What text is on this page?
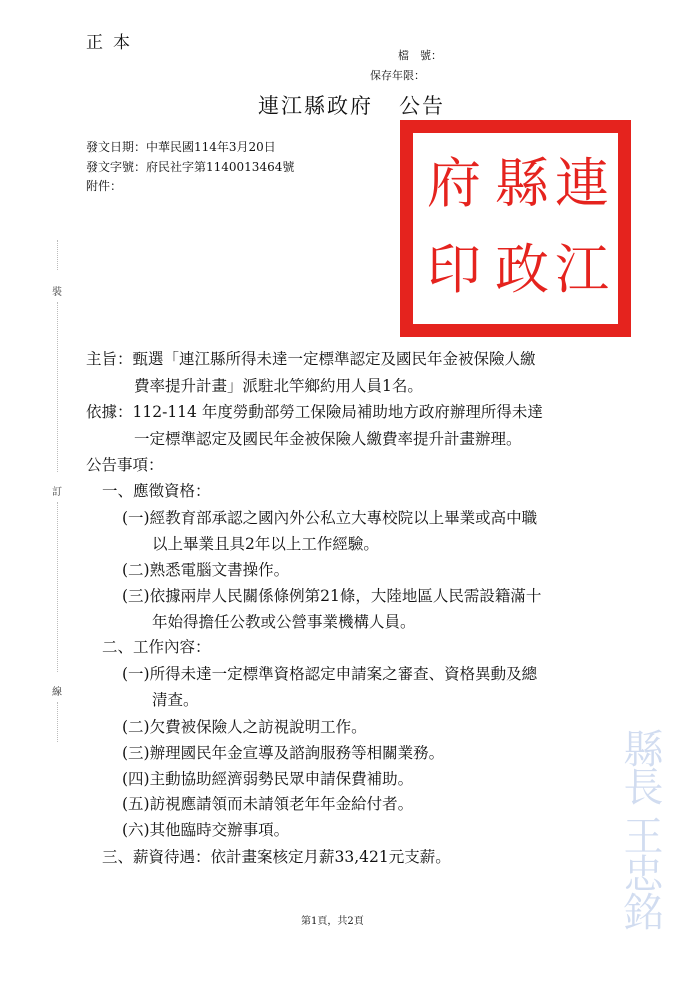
正本
檔　號：
保存年限：
連江縣政府 公告
發文日期：中華民國114年3月20日
發文字號：府民社字第1140013464號
附件：	連
縣
府
江
政
印
裝
訂
線
縣長 王忠銘
主旨：甄選「連江縣所得未達一定標準認定及國民年金被保險人繳
費率提升計畫」派駐北竿鄉約用人員1名。
依據：112-114 年度勞動部勞工保險局補助地方政府辦理所得未達
一定標準認定及國民年金被保險人繳費率提升計畫辦理。
公告事項：
一、應徵資格：
(一)經教育部承認之國內外公私立大專校院以上畢業或高中職
以上畢業且具2年以上工作經驗。
(二)熟悉電腦文書操作。
(三)依據兩岸人民關係條例第21條，大陸地區人民需設籍滿十
年始得擔任公教或公營事業機構人員。
二、工作內容：
(一)所得未達一定標準資格認定申請案之審查、資格異動及總
清查。
(二)欠費被保險人之訪視說明工作。
(三)辦理國民年金宣導及諮詢服務等相關業務。
(四)主動協助經濟弱勢民眾申請保費補助。
(五)訪視應請領而未請領老年年金給付者。
(六)其他臨時交辦事項。
三、薪資待遇：依計畫案核定月薪33,421元支薪。
第1頁，共2頁
